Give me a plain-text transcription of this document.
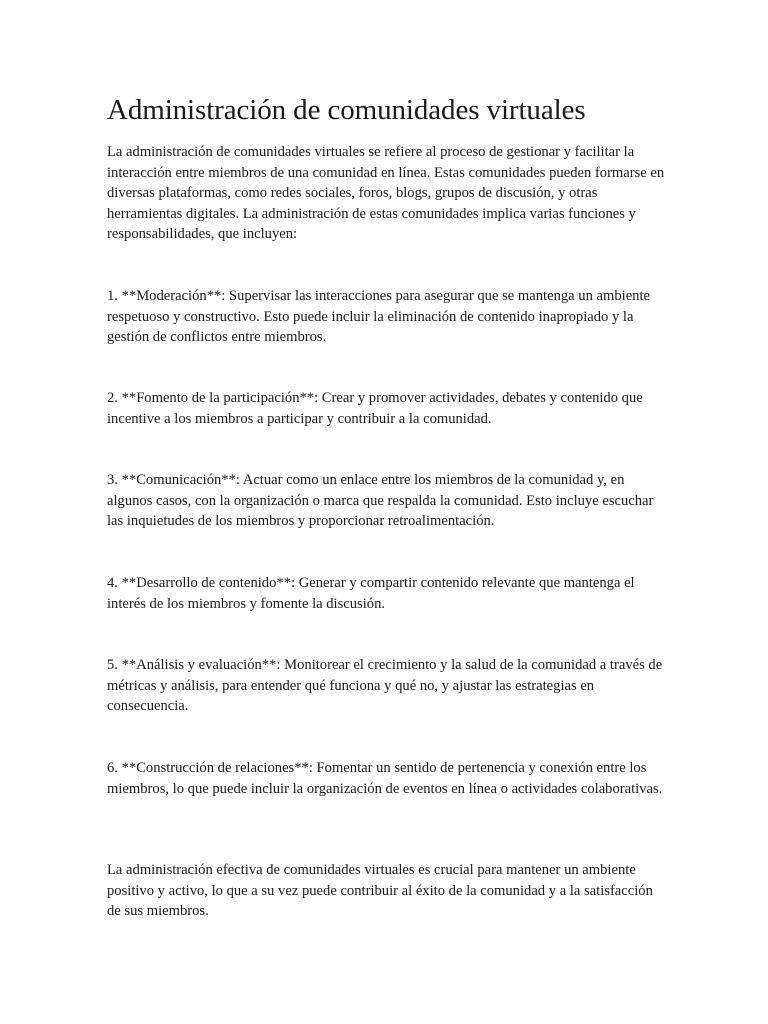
Administración de comunidades virtuales

La administración de comunidades virtuales se refiere al proceso de gestionar y facilitar la interacción entre miembros de una comunidad en línea. Estas comunidades pueden formarse en diversas plataformas, como redes sociales, foros, blogs, grupos de discusión, y otras herramientas digitales. La administración de estas comunidades implica varias funciones y responsabilidades, que incluyen:

1. **Moderación**: Supervisar las interacciones para asegurar que se mantenga un ambiente respetuoso y constructivo. Esto puede incluir la eliminación de contenido inapropiado y la gestión de conflictos entre miembros.

2. **Fomento de la participación**: Crear y promover actividades, debates y contenido que incentive a los miembros a participar y contribuir a la comunidad.

3. **Comunicación**: Actuar como un enlace entre los miembros de la comunidad y, en algunos casos, con la organización o marca que respalda la comunidad. Esto incluye escuchar las inquietudes de los miembros y proporcionar retroalimentación.

4. **Desarrollo de contenido**: Generar y compartir contenido relevante que mantenga el interés de los miembros y fomente la discusión.

5. **Análisis y evaluación**: Monitorear el crecimiento y la salud de la comunidad a través de métricas y análisis, para entender qué funciona y qué no, y ajustar las estrategias en consecuencia.

6. **Construcción de relaciones**: Fomentar un sentido de pertenencia y conexión entre los miembros, lo que puede incluir la organización de eventos en línea o actividades colaborativas.

La administración efectiva de comunidades virtuales es crucial para mantener un ambiente positivo y activo, lo que a su vez puede contribuir al éxito de la comunidad y a la satisfacción de sus miembros.
